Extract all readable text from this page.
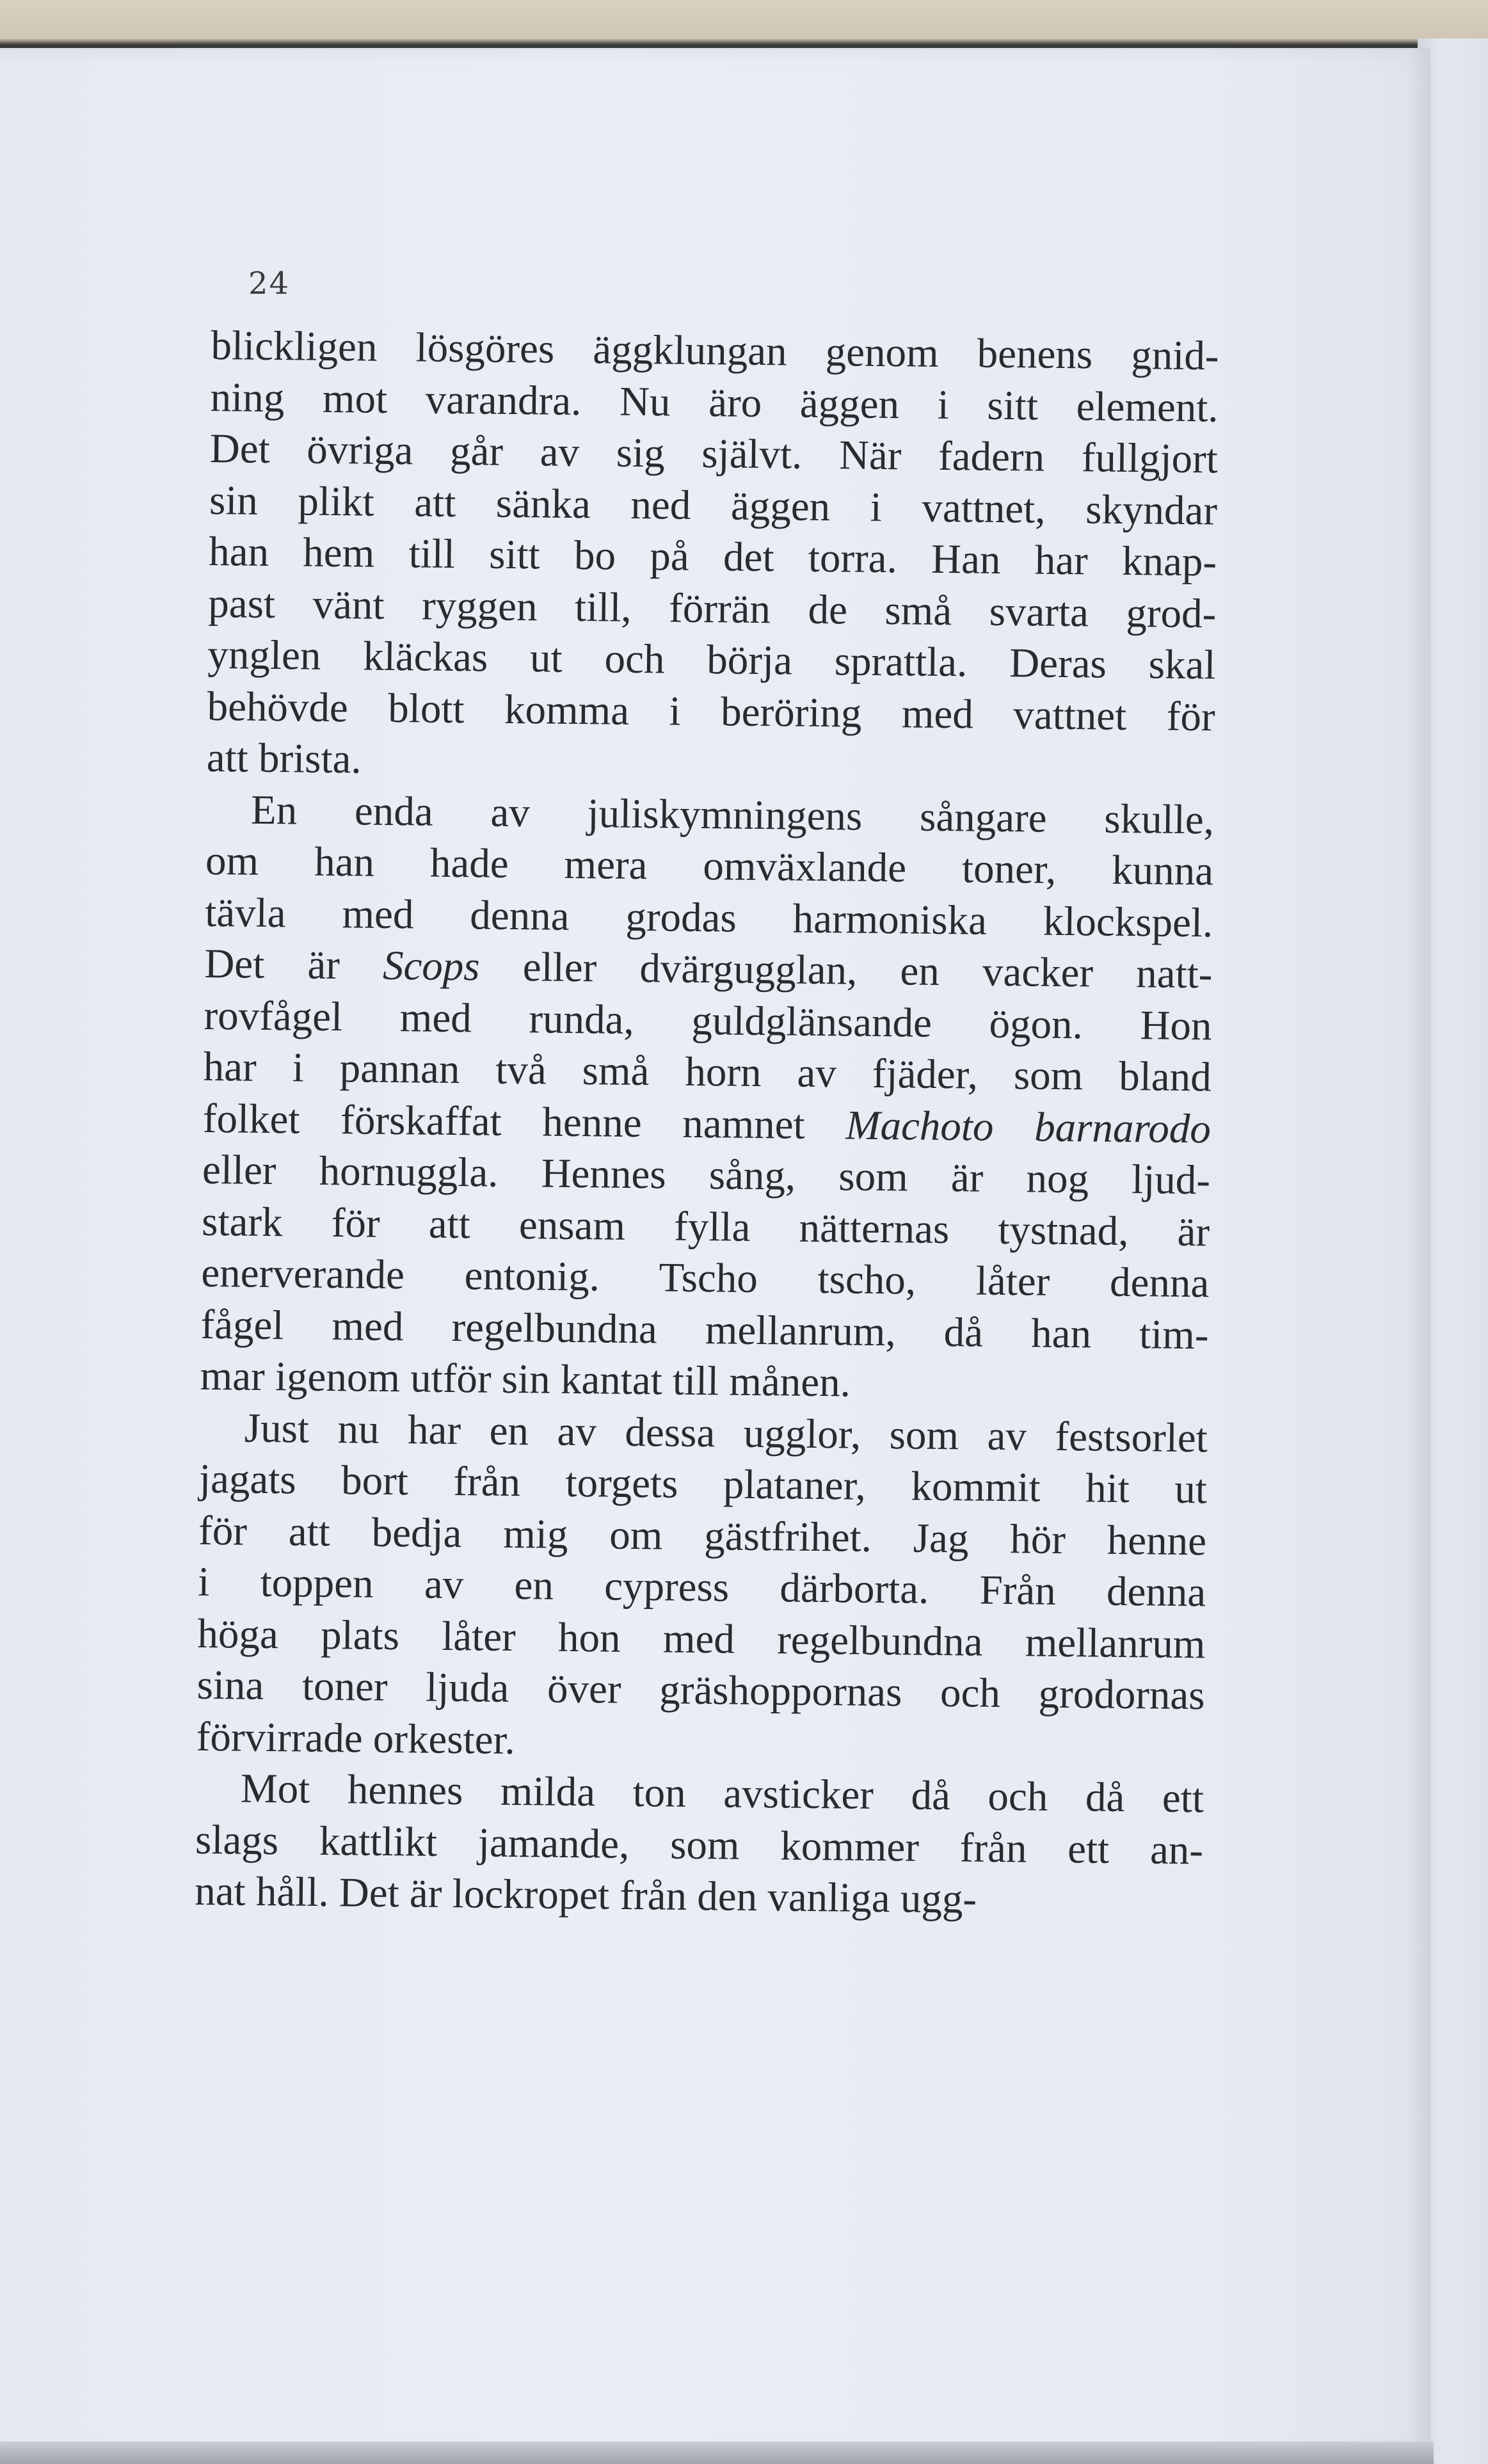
24
blickligen lösgöres äggklungan genom benens gnid-
ning mot varandra. Nu äro äggen i sitt element.
Det övriga går av sig självt. När fadern fullgjort
sin plikt att sänka ned äggen i vattnet, skyndar
han hem till sitt bo på det torra. Han har knap-
past vänt ryggen till, förrän de små svarta grod-
ynglen kläckas ut och börja sprattla. Deras skal
behövde blott komma i beröring med vattnet för
att brista.
En enda av juliskymningens sångare skulle,
om han hade mera omväxlande toner, kunna
tävla med denna grodas harmoniska klockspel.
Det är Scops eller dvärgugglan, en vacker natt-
rovfågel med runda, guldglänsande ögon. Hon
har i pannan två små horn av fjäder, som bland
folket förskaffat henne namnet Machoto barnarodo
eller hornuggla. Hennes sång, som är nog ljud-
stark för att ensam fylla nätternas tystnad, är
enerverande entonig. Tscho tscho, låter denna
fågel med regelbundna mellanrum, då han tim-
mar igenom utför sin kantat till månen.
Just nu har en av dessa ugglor, som av festsorlet
jagats bort från torgets plataner, kommit hit ut
för att bedja mig om gästfrihet. Jag hör henne
i toppen av en cypress därborta. Från denna
höga plats låter hon med regelbundna mellanrum
sina toner ljuda över gräshoppornas och grodornas
förvirrade orkester.
Mot hennes milda ton avsticker då och då ett
slags kattlikt jamande, som kommer från ett an-
nat håll. Det är lockropet från den vanliga ugg-
